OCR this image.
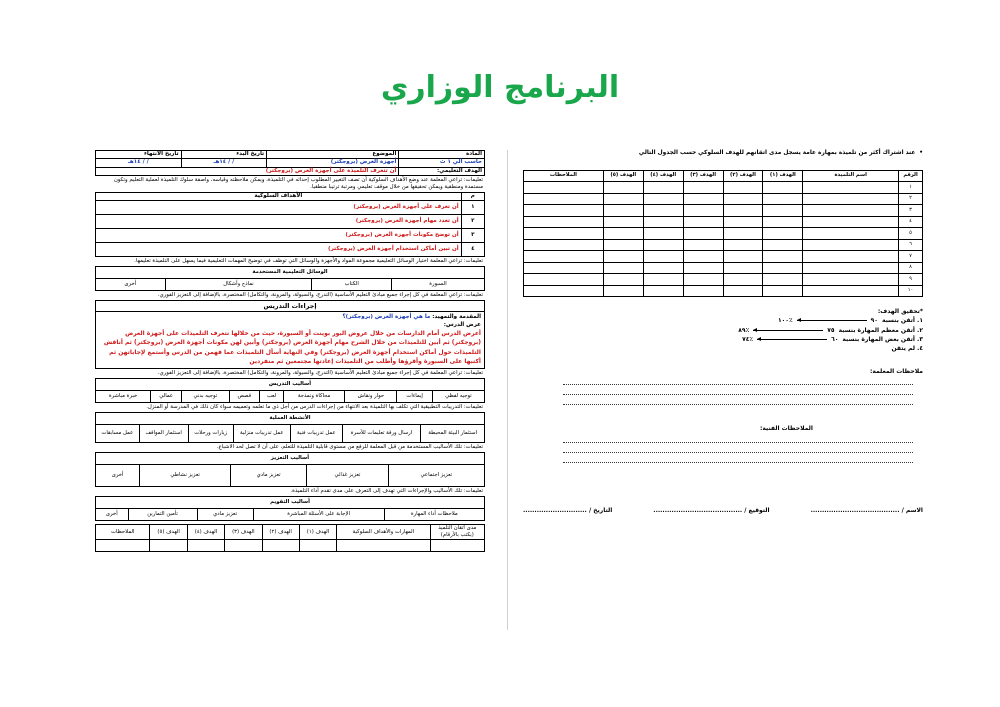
البرنامج الوزاري
المادة	الموضوع	تاريخ البدء	تاريخ الانتهاء
حاسب آلي ١ ث	أجهزة العرض (بروجكتر)	/ / ١٤هـ	/ / ١٤هـ
الهدف التعليمي:	أن تتعرف التلميذة على أجهزة العرض (بروجكتر)		
تعليمات: تراعي المعلمة عند وضع الأهداف السلوكية أن تصف التغيير المطلوب إحداثه في التلميذة، ويمكن ملاحظته وقياسه، واصفة سلوك التلميذة لعملية التعليم وتكون مستمدة ومنطقية ويمكن تحقيقها من خلال موقف تعليمي ومرتبة ترتيبا منطقيا.
م	الأهداف السلوكية
١	أن تعرف على أجهزة العرض (بروجكتر)
٢	أن تعدد مهام أجهزة العرض (بروجكتر)
٣	أن توضح مكونات أجهزة العرض (بروجكتر)
٤	أن تبين أماكن استخدام أجهزة العرض (بروجكتر)
تعليمات: تراعي المعلمة اختيار الوسائل التعليمية مجموعة المواد والأجهزة والوسائل التي توظف في توضيح المهمات التعليمية فيما يسهل على التلميذة تعليمها.
الوسائل التعليمية المستخدمة
السبورة	الكتاب	نماذج وأشكال	أخرى
تعليمات: تراعي المعلمة في كل إجراء جميع مبادئ التعليم الأساسية (التدرج، والسيولة، والمرونة، والتكامل) المختصرة، بالإضافة إلى التعزيز الفوري.
إجراءات التدريس
المقدمة والتمهيد: ما هي أجهزة العرض (بروجكتر)؟
عرض الدرس:
أعرض الدرس أمام الدارسات من خلال عروض البور بوينت أو السبورة، حيث من خلالها تتعرف التلميذات على أجهزة العرض (بروجكتر) ثم أبين للتلميذات من خلال الشرح مهام أجهزة العرض (بروجكتر) وأبين لهن مكونات أجهزة العرض (بروجكتر) ثم أناقش التلميذات حول أماكن استخدام أجهزة العرض (بروجكتر) وفي النهاية أسأل التلميذات عما فهمن من الدرس وأستمع لإجاباتهن ثم أكتبها على السبورة وأقرؤها وأطلب من التلميذات إعادتها مجتمعين ثم منفردين
تعليمات: تراعي المعلمة في كل إجراء جميع مبادئ التعليم الأساسية (التدرج، والسيولة، والمرونة، والتكامل) المختصرة، بالإضافة إلى التعزيز الفوري.
أساليب التدريس
توجيه لفظي	إيماءات	حوار ونقاش	محاكاة ونمذجة	لعب	قصص	توجيه بدني	عمالي	خبرة مباشرة
تعليمات: التدريبات التطبيقية التي تكلف بها التلميذة بعد الانتهاء من إجراءات الدرس من أجل ذي ما تعلمه وتعميمه سواء كان ذلك في المدرسة أو المنزل.
الأنشطة العملية
استثمار البيئة المحيطة	ارسال ورقة تعليمات للأسرة	عمل تدريبات فنية	عمل تدريبات منزلية	زيارات ورحلات	استثمار المواقف	عمل مسابقات
تعليمات: تلك الأساليب المستخدمة من قبل المعلمة للرفع من مستوى قابلية التلميذة للتعلم، على أن لا تصل لحد الاشباع.
أساليب التعزيز
تعزيز اجتماعي	تعزيز غذائي	تعزيز مادي	تعزيز نشاطي	أخرى
تعليمات: تلك الأساليب والإجراءات التي تهدف إلى التعرف على مدى تقدم أداء التلميذة.
أساليب التقويم
ملاحظات أداء المهارة	الإجابة على الأسئلة المباشرة	تعزيز مادي	تأمين التمارين	أخرى
مدى اتقان التلميذ (يكتب بالأرقام)	المهارات والأهداف السلوكية	الهدف (١)	الهدف (٢)	الهدف (٣)	الهدف (٤)	الهدف (٥)	الملاحظات

• عند اشتراك أكثر من تلميذة بمهارة عامة يسجل مدى اتقانهم للهدف السلوكي حسب الجدول التالي
الرقم	اسم التلميذة	الهدف (١)	الهدف (٢)	الهدف (٣)	الهدف (٤)	الهدف (٥)	الملاحظات
١							
٢							
٣							
٤							
٥							
٦							
٧							
٨							
٩							
١٠							
*تحقيق الهدف:
١. أتقن بنسبة
٩٠
٪١٠٠
٢. أتقن معظم المهارة بنسبة
٧٥
٪٨٩
٣. أتقن بعض المهارة بنسبة
٦٠
٪٧٤
٤. لم يتقن
ملاحظات المعلمة:
الملاحظات الفنية:
الاسم / .......................................
التوقيع / .......................................
التاريخ / ............................
